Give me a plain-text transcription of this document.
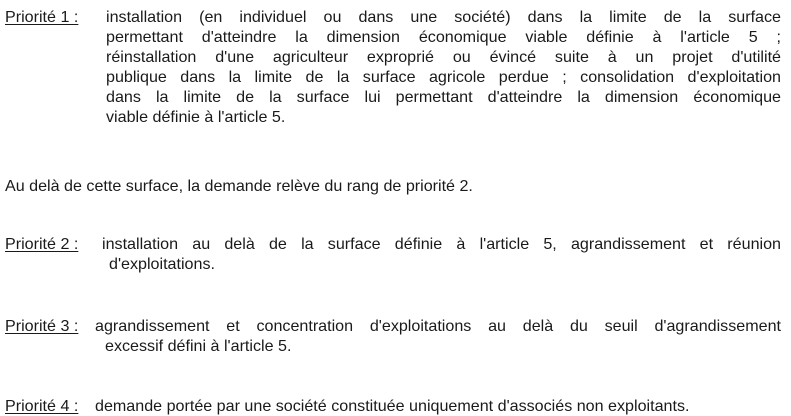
Priorité 1 :	installation (en individuel ou dans une société) dans la limite de la surface
permettant d'atteindre la dimension économique viable définie à l'article 5 ;
réinstallation d'une agriculteur exproprié ou évincé suite à un projet d'utilité
publique dans la limite de la surface agricole perdue ; consolidation d'exploitation
dans la limite de la surface lui permettant d'atteindre la dimension économique
viable définie à l'article 5.
Au delà de cette surface, la demande relève du rang de priorité 2.
Priorité 2 :	installation au delà de la surface définie à l'article 5, agrandissement et réunion
d'exploitations.
Priorité 3 :	agrandissement et concentration d'exploitations au delà du seuil d'agrandissement
excessif défini à l'article 5.
Priorité 4 :	demande portée par une société constituée uniquement d'associés non exploitants.
